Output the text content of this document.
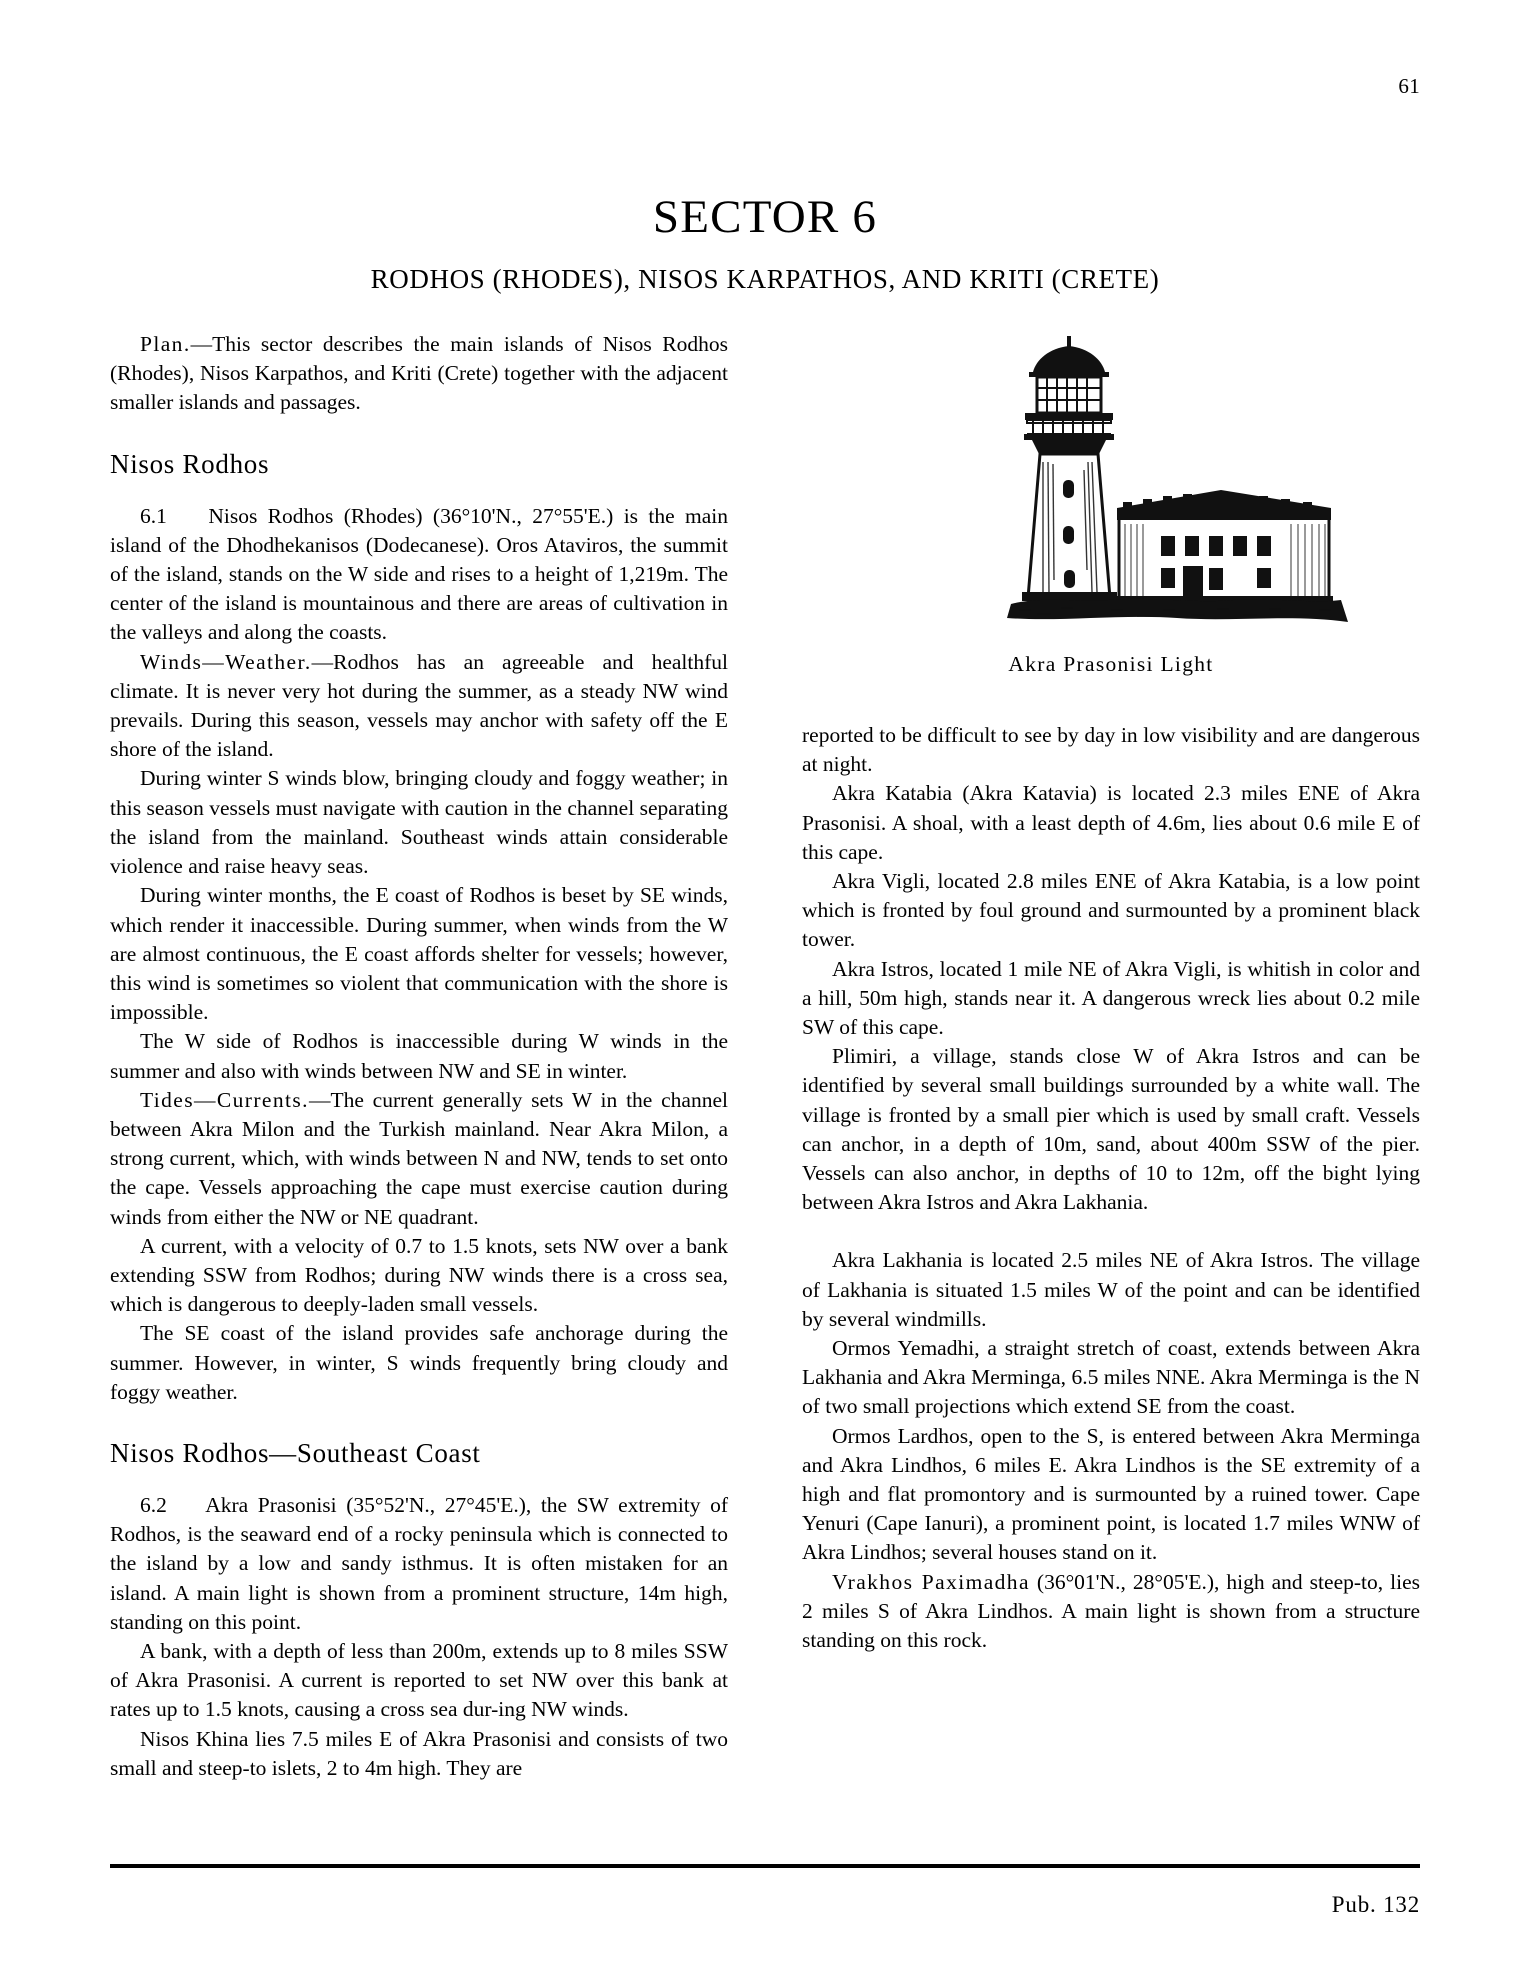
61
SECTOR 6
RODHOS (RHODES), NISOS KARPATHOS, AND KRITI (CRETE)

Plan.—This sector describes the main islands of Nisos Rodhos (Rhodes), Nisos Karpathos, and Kriti (Crete) together with the adjacent smaller islands and passages.

Nisos Rodhos

6.1 Nisos Rodhos (Rhodes) (36°10'N., 27°55'E.) is the main island of the Dhodhekanisos (Dodecanese). Oros Ataviros, the summit of the island, stands on the W side and rises to a height of 1,219m. The center of the island is mountainous and there are areas of cultivation in the valleys and along the coasts.

Winds—Weather.—Rodhos has an agreeable and healthful climate. It is never very hot during the summer, as a steady NW wind prevails. During this season, vessels may anchor with safety off the E shore of the island.

During winter S winds blow, bringing cloudy and foggy weather; in this season vessels must navigate with caution in the channel separating the island from the mainland. Southeast winds attain considerable violence and raise heavy seas.

During winter months, the E coast of Rodhos is beset by SE winds, which render it inaccessible. During summer, when winds from the W are almost continuous, the E coast affords shelter for vessels; however, this wind is sometimes so violent that communication with the shore is impossible.

The W side of Rodhos is inaccessible during W winds in the summer and also with winds between NW and SE in winter.

Tides—Currents.—The current generally sets W in the channel between Akra Milon and the Turkish mainland. Near Akra Milon, a strong current, which, with winds between N and NW, tends to set onto the cape. Vessels approaching the cape must exercise caution during winds from either the NW or NE quadrant.

A current, with a velocity of 0.7 to 1.5 knots, sets NW over a bank extending SSW from Rodhos; during NW winds there is a cross sea, which is dangerous to deeply-laden small vessels.

The SE coast of the island provides safe anchorage during the summer. However, in winter, S winds frequently bring cloudy and foggy weather.

Nisos Rodhos—Southeast Coast

6.2 Akra Prasonisi (35°52'N., 27°45'E.), the SW extremity of Rodhos, is the seaward end of a rocky peninsula which is connected to the island by a low and sandy isthmus. It is often mistaken for an island. A main light is shown from a prominent structure, 14m high, standing on this point.

A bank, with a depth of less than 200m, extends up to 8 miles SSW of Akra Prasonisi. A current is reported to set NW over this bank at rates up to 1.5 knots, causing a cross sea dur-ing NW winds.

Nisos Khina lies 7.5 miles E of Akra Prasonisi and consists of two small and steep-to islets, 2 to 4m high. They are

Akra Prasonisi Light

reported to be difficult to see by day in low visibility and are dangerous at night.

Akra Katabia (Akra Katavia) is located 2.3 miles ENE of Akra Prasonisi. A shoal, with a least depth of 4.6m, lies about 0.6 mile E of this cape.

Akra Vigli, located 2.8 miles ENE of Akra Katabia, is a low point which is fronted by foul ground and surmounted by a prominent black tower.

Akra Istros, located 1 mile NE of Akra Vigli, is whitish in color and a hill, 50m high, stands near it. A dangerous wreck lies about 0.2 mile SW of this cape.

Plimiri, a village, stands close W of Akra Istros and can be identified by several small buildings surrounded by a white wall. The village is fronted by a small pier which is used by small craft. Vessels can anchor, in a depth of 10m, sand, about 400m SSW of the pier. Vessels can also anchor, in depths of 10 to 12m, off the bight lying between Akra Istros and Akra Lakhania.

Akra Lakhania is located 2.5 miles NE of Akra Istros. The village of Lakhania is situated 1.5 miles W of the point and can be identified by several windmills.

Ormos Yemadhi, a straight stretch of coast, extends between Akra Lakhania and Akra Merminga, 6.5 miles NNE. Akra Merminga is the N of two small projections which extend SE from the coast.

Ormos Lardhos, open to the S, is entered between Akra Merminga and Akra Lindhos, 6 miles E. Akra Lindhos is the SE extremity of a high and flat promontory and is surmounted by a ruined tower. Cape Yenuri (Cape Ianuri), a prominent point, is located 1.7 miles WNW of Akra Lindhos; several houses stand on it.

Vrakhos Paximadha (36°01'N., 28°05'E.), high and steep-to, lies 2 miles S of Akra Lindhos. A main light is shown from a structure standing on this rock.

Pub. 132
